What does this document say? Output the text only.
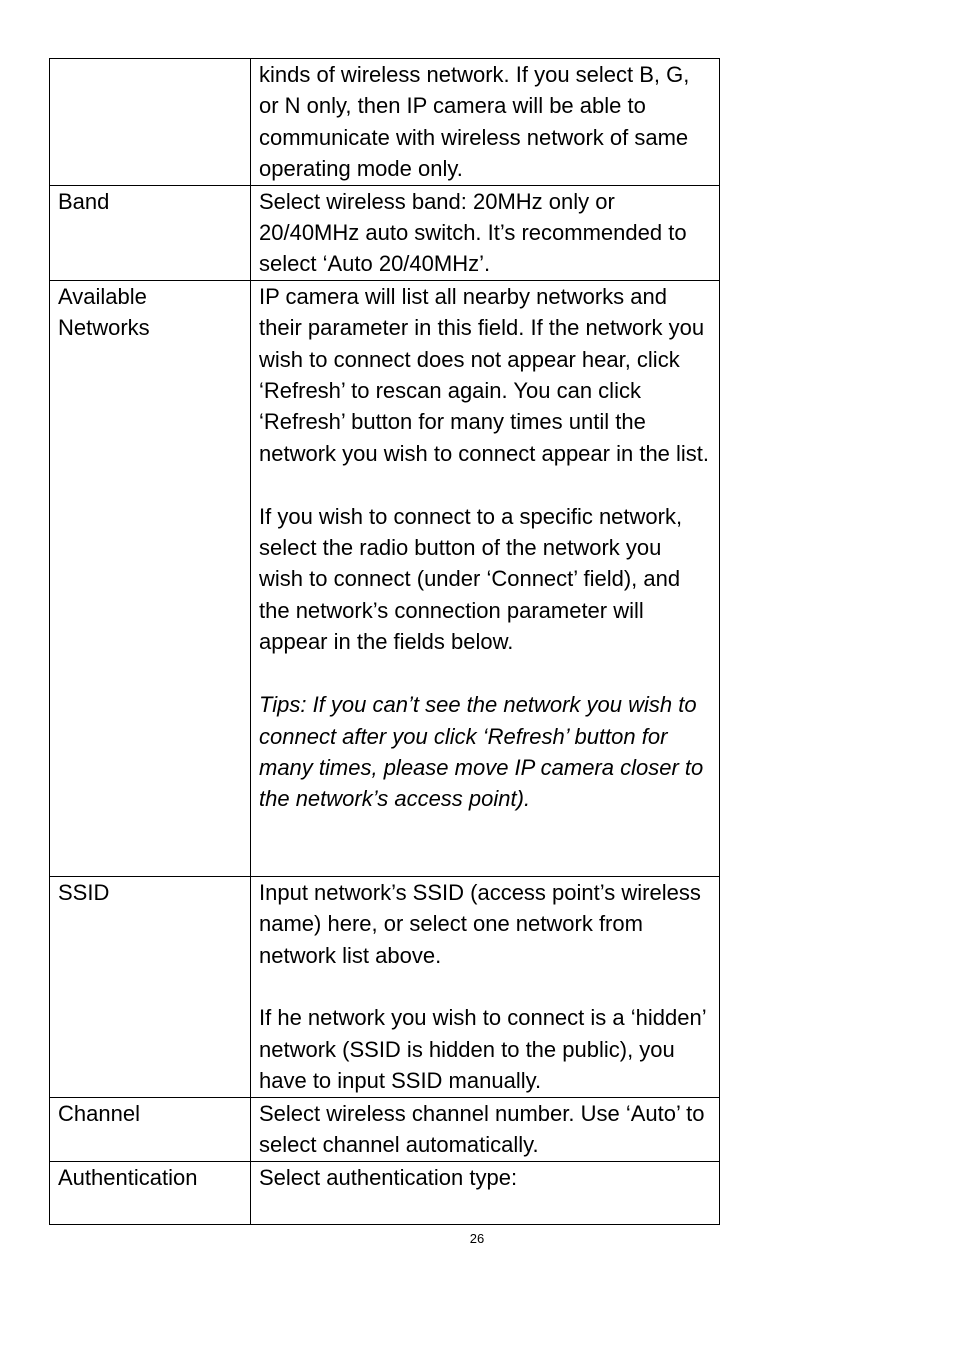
	kinds of wireless network. If you select B, G, or N only, then IP camera will be able to communicate with wireless network of same operating mode only.

Band	Select wireless band: 20MHz only or 20/40MHz auto switch. It’s recommended to select ‘Auto 20/40MHz’.

Available Networks	IP camera will list all nearby networks and their parameter in this field. If the network you wish to connect does not appear hear, click ‘Refresh’ to rescan again. You can click ‘Refresh’ button for many times until the network you wish to connect appear in the list.

If you wish to connect to a specific network, select the radio button of the network you wish to connect (under ‘Connect’ field), and the network’s connection parameter will appear in the fields below.

Tips: If you can’t see the network you wish to connect after you click ‘Refresh’ button for many times, please move IP camera closer to the network’s access point).

SSID	Input network’s SSID (access point’s wireless name) here, or select one network from network list above.

If he network you wish to connect is a ‘hidden’ network (SSID is hidden to the public), you have to input SSID manually.

Channel	Select wireless channel number. Use ‘Auto’ to select channel automatically.

Authentication	Select authentication type:

26
